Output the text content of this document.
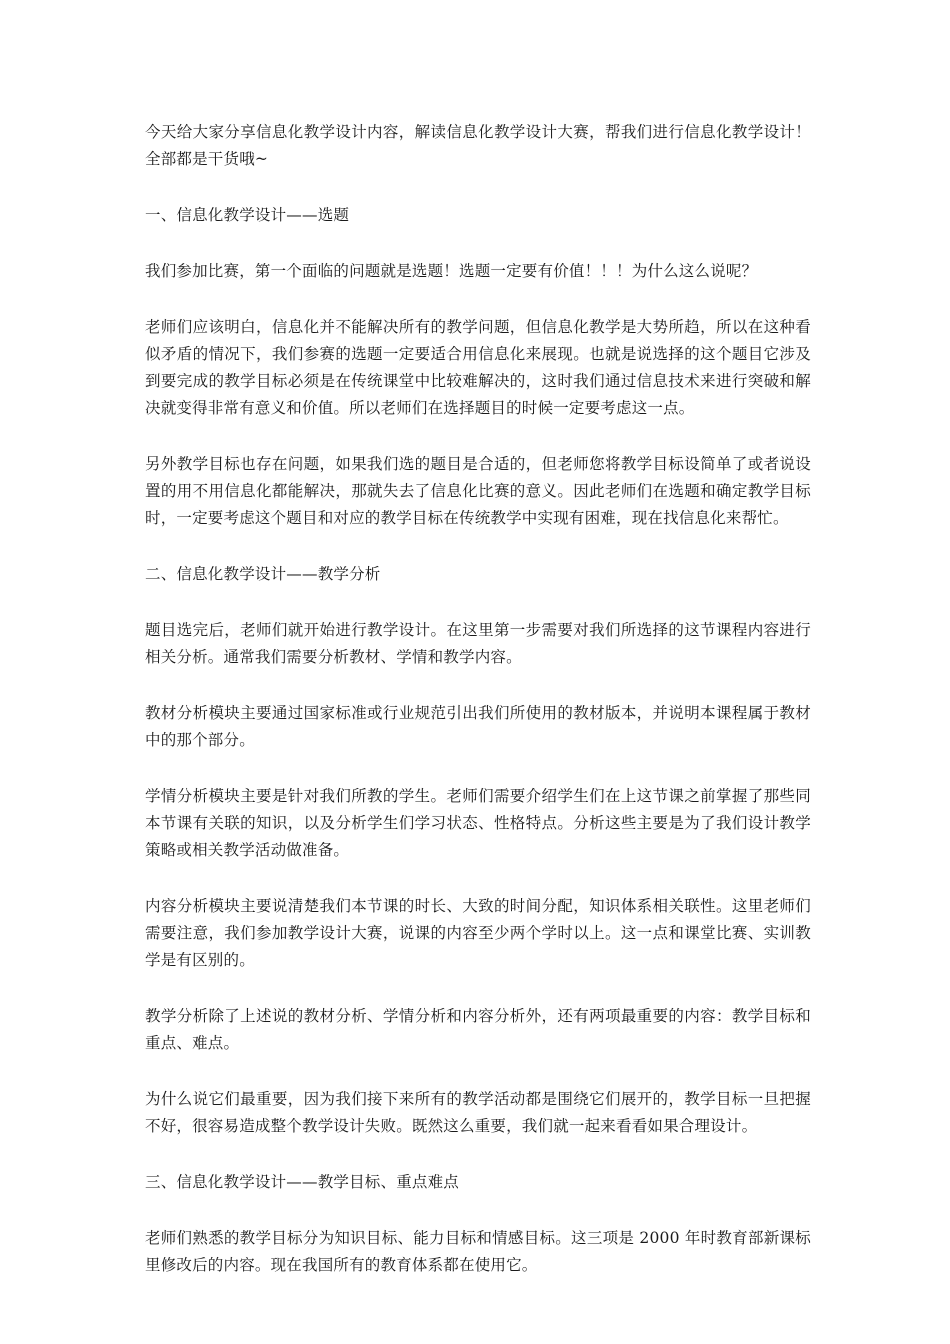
今天给大家分享信息化教学设计内容，解读信息化教学设计大赛，帮我们进行信息化教学设计！全部都是干货哦~

一、信息化教学设计——选题

我们参加比赛，第一个面临的问题就是选题！选题一定要有价值！！！为什么这么说呢？

老师们应该明白，信息化并不能解决所有的教学问题，但信息化教学是大势所趋，所以在这种看似矛盾的情况下，我们参赛的选题一定要适合用信息化来展现。也就是说选择的这个题目它涉及到要完成的教学目标必须是在传统课堂中比较难解决的，这时我们通过信息技术来进行突破和解决就变得非常有意义和价值。所以老师们在选择题目的时候一定要考虑这一点。

另外教学目标也存在问题，如果我们选的题目是合适的，但老师您将教学目标设简单了或者说设置的用不用信息化都能解决，那就失去了信息化比赛的意义。因此老师们在选题和确定教学目标时，一定要考虑这个题目和对应的教学目标在传统教学中实现有困难，现在找信息化来帮忙。

二、信息化教学设计——教学分析

题目选完后，老师们就开始进行教学设计。在这里第一步需要对我们所选择的这节课程内容进行相关分析。通常我们需要分析教材、学情和教学内容。

教材分析模块主要通过国家标准或行业规范引出我们所使用的教材版本，并说明本课程属于教材中的那个部分。

学情分析模块主要是针对我们所教的学生。老师们需要介绍学生们在上这节课之前掌握了那些同本节课有关联的知识，以及分析学生们学习状态、性格特点。分析这些主要是为了我们设计教学策略或相关教学活动做准备。

内容分析模块主要说清楚我们本节课的时长、大致的时间分配，知识体系相关联性。这里老师们需要注意，我们参加教学设计大赛，说课的内容至少两个学时以上。这一点和课堂比赛、实训教学是有区别的。

教学分析除了上述说的教材分析、学情分析和内容分析外，还有两项最重要的内容：教学目标和重点、难点。

为什么说它们最重要，因为我们接下来所有的教学活动都是围绕它们展开的，教学目标一旦把握不好，很容易造成整个教学设计失败。既然这么重要，我们就一起来看看如果合理设计。

三、信息化教学设计——教学目标、重点难点

老师们熟悉的教学目标分为知识目标、能力目标和情感目标。这三项是 2000 年时教育部新课标里修改后的内容。现在我国所有的教育体系都在使用它。
